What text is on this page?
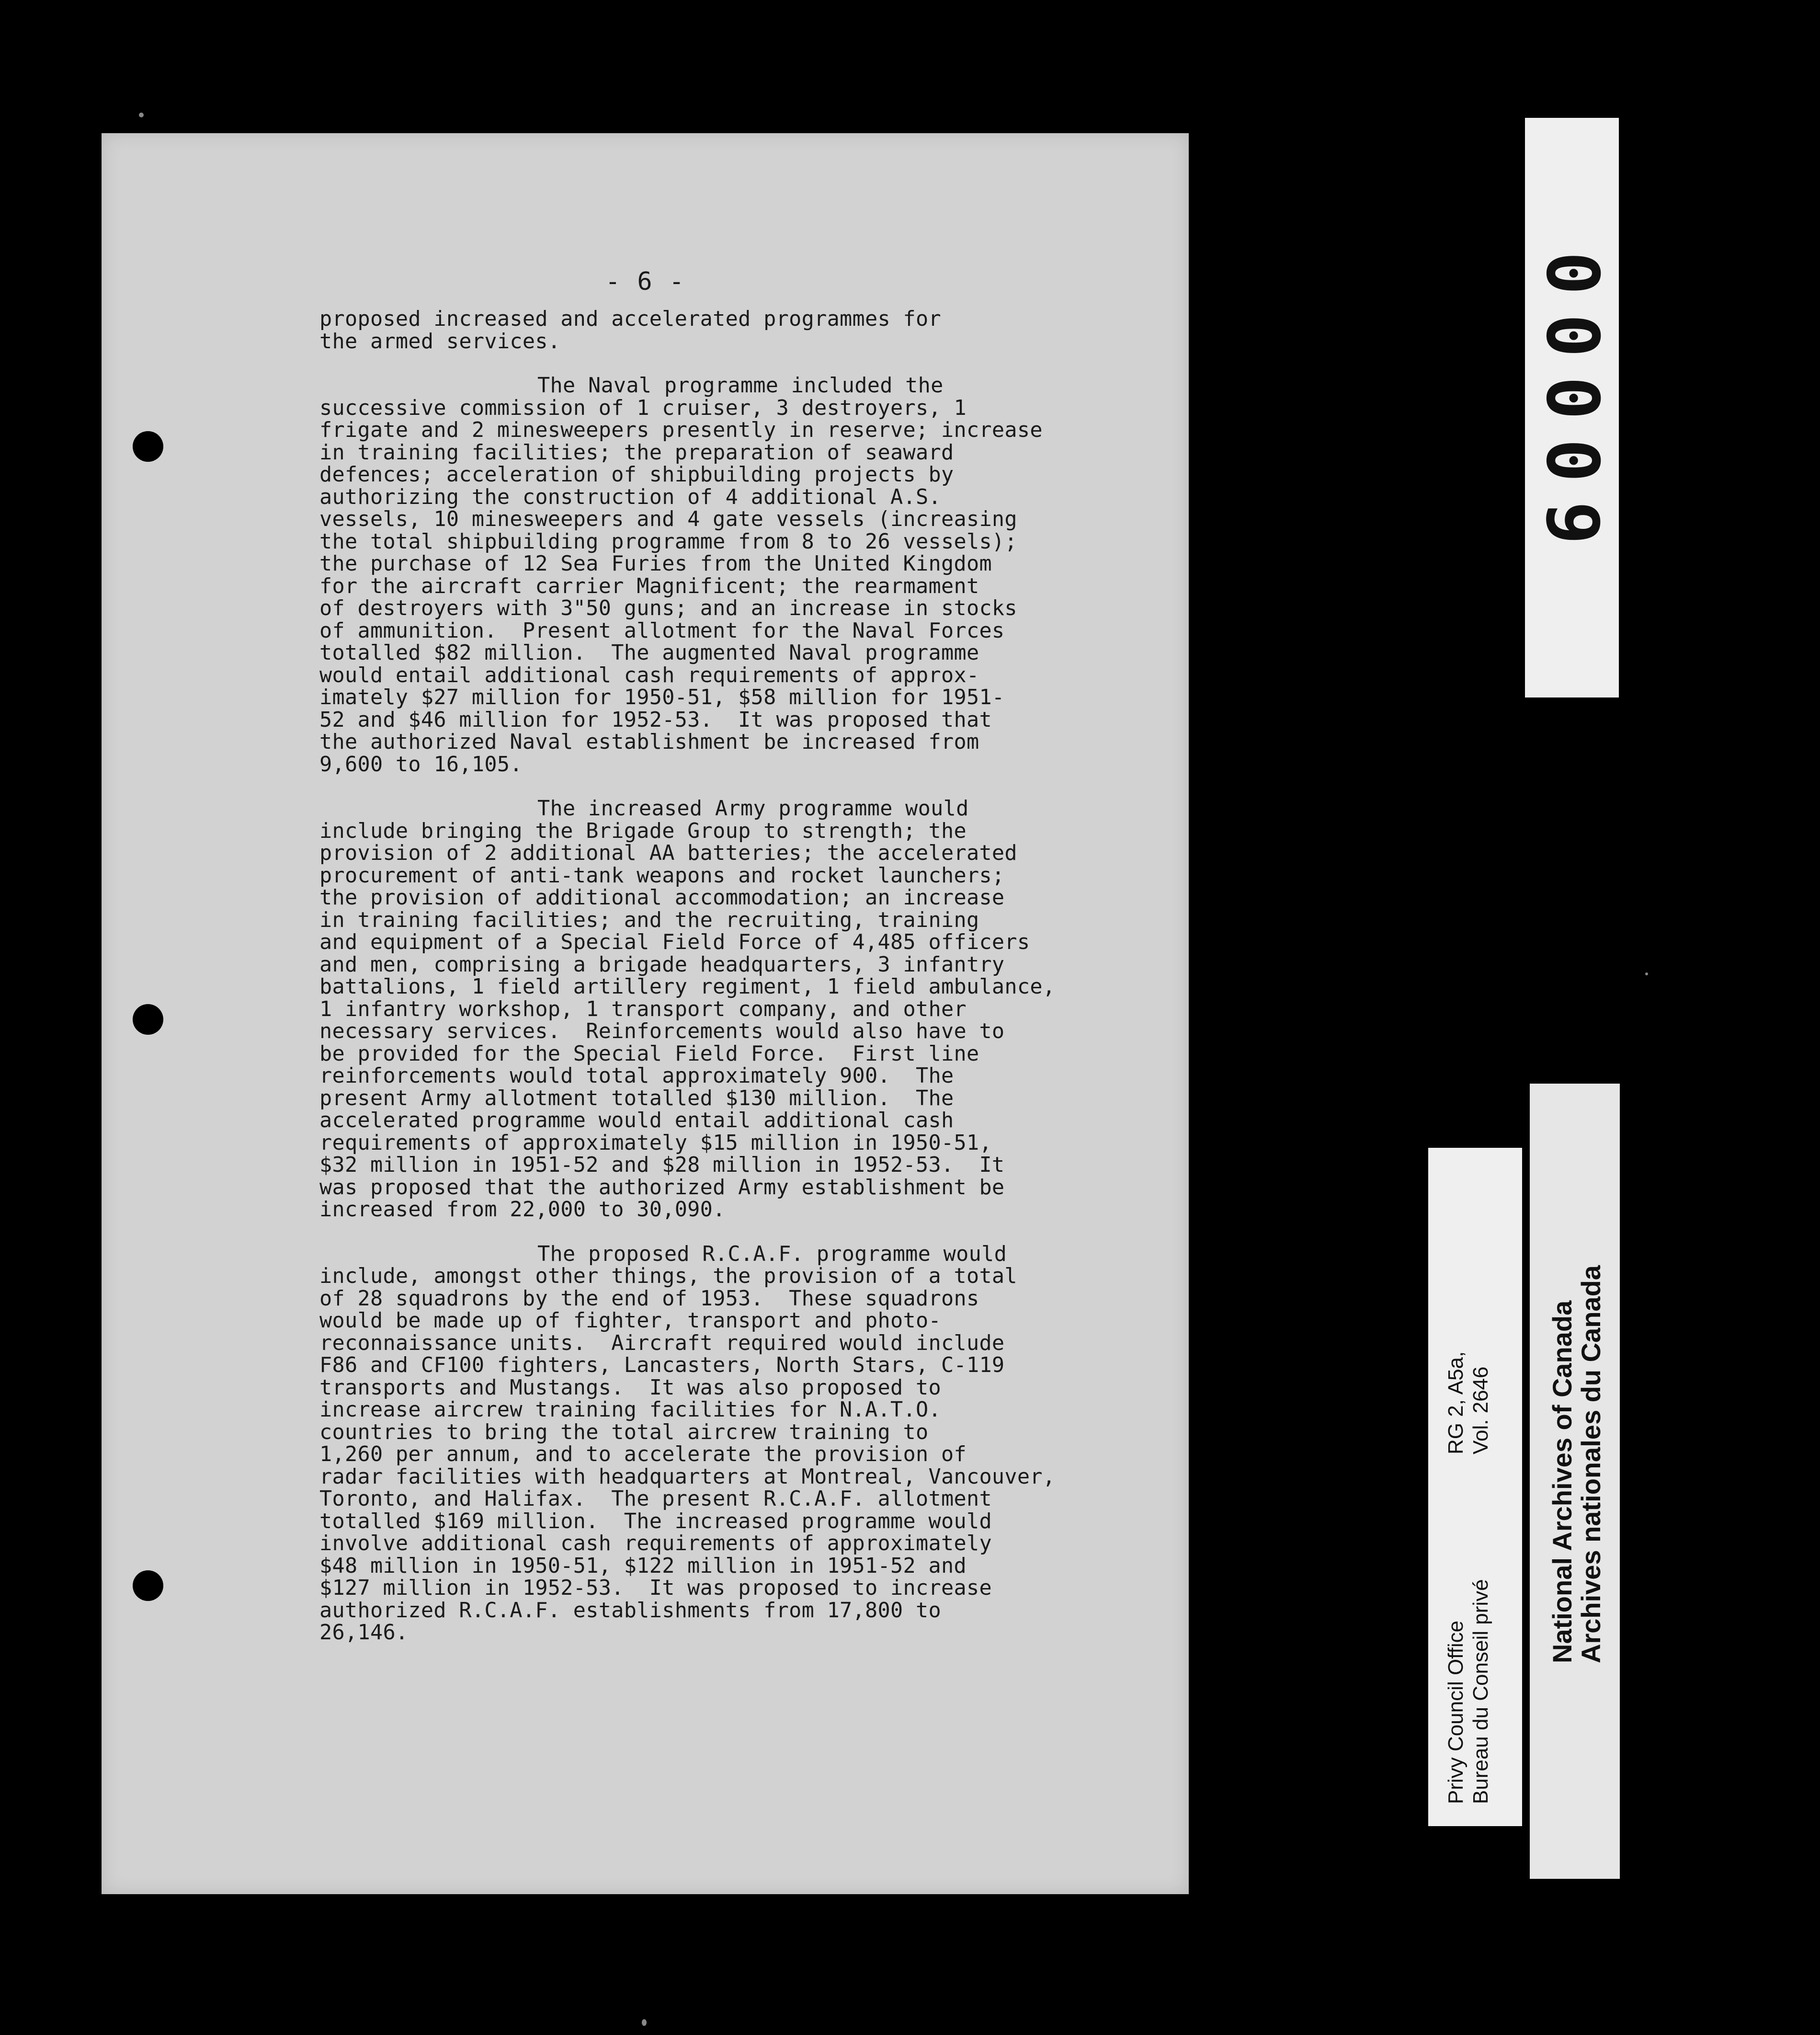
- 6 -
proposed increased and accelerated programmes for
the armed services.
The Naval programme included the
successive commission of 1 cruiser, 3 destroyers, 1
frigate and 2 minesweepers presently in reserve; increase
in training facilities; the preparation of seaward
defences; acceleration of shipbuilding projects by
authorizing the construction of 4 additional A.S.
vessels, 10 minesweepers and 4 gate vessels (increasing
the total shipbuilding programme from 8 to 26 vessels);
the purchase of 12 Sea Furies from the United Kingdom
for the aircraft carrier Magnificent; the rearmament
of destroyers with 3"50 guns; and an increase in stocks
of ammunition.  Present allotment for the Naval Forces
totalled $82 million.  The augmented Naval programme
would entail additional cash requirements of approx-
imately $27 million for 1950-51, $58 million for 1951-
52 and $46 million for 1952-53.  It was proposed that
the authorized Naval establishment be increased from
9,600 to 16,105.
The increased Army programme would
include bringing the Brigade Group to strength; the
provision of 2 additional AA batteries; the accelerated
procurement of anti-tank weapons and rocket launchers;
the provision of additional accommodation; an increase
in training facilities; and the recruiting, training
and equipment of a Special Field Force of 4,485 officers
and men, comprising a brigade headquarters, 3 infantry
battalions, 1 field artillery regiment, 1 field ambulance,
1 infantry workshop, 1 transport company, and other
necessary services.  Reinforcements would also have to
be provided for the Special Field Force.  First line
reinforcements would total approximately 900.  The
present Army allotment totalled $130 million.  The
accelerated programme would entail additional cash
requirements of approximately $15 million in 1950-51,
$32 million in 1951-52 and $28 million in 1952-53.  It
was proposed that the authorized Army establishment be
increased from 22,000 to 30,090.
The proposed R.C.A.F. programme would
include, amongst other things, the provision of a total
of 28 squadrons by the end of 1953.  These squadrons
would be made up of fighter, transport and photo-
reconnaissance units.  Aircraft required would include
F86 and CF100 fighters, Lancasters, North Stars, C-119
transports and Mustangs.  It was also proposed to
increase aircrew training facilities for N.A.T.O.
countries to bring the total aircrew training to
1,260 per annum, and to accelerate the provision of
radar facilities with headquarters at Montreal, Vancouver,
Toronto, and Halifax.  The present R.C.A.F. allotment
totalled $169 million.  The increased programme would
involve additional cash requirements of approximately
$48 million in 1950-51, $122 million in 1951-52 and
$127 million in 1952-53.  It was proposed to increase
authorized R.C.A.F. establishments from 17,800 to
26,146.
00009
Privy Council Office Bureau du Conseil privé
RG 2, A5a, Vol. 2646 National Archives of Canada
Archives nationales du Canada
